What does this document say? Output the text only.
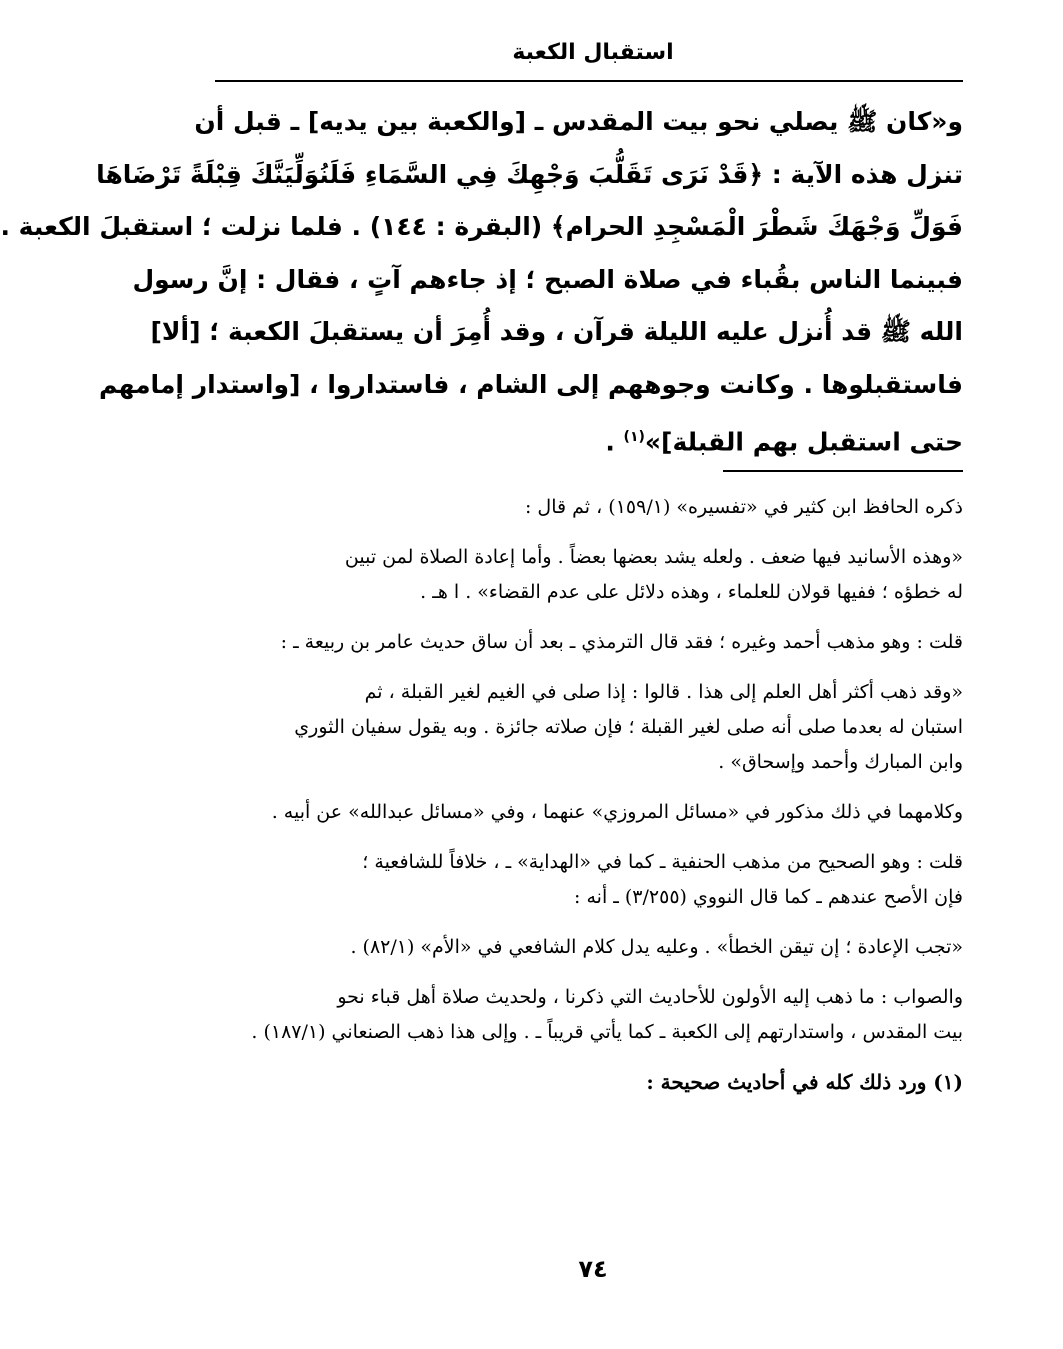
استقبال الكعبة
و«كان ﷺ يصلي نحو بيت المقدس ـ [والكعبة بين يديه] ـ قبل أن
تنزل هذه الآية : ﴿قَدْ نَرَى تَقَلُّبَ وَجْهِكَ فِي السَّمَاءِ فَلَنُوَلِّيَنَّكَ قِبْلَةً تَرْضَاهَا
فَوَلِّ وَجْهَكَ شَطْرَ الْمَسْجِدِ الحرام﴾ (البقرة : ١٤٤) . فلما نزلت ؛ استقبلَ الكعبة .
فبينما الناس بقُباء في صلاة الصبح ؛ إذ جاءهم آتٍ ، فقال : إنَّ رسول
الله ﷺ قد أُنزل عليه الليلة قرآن ، وقد أُمِرَ أن يستقبلَ الكعبة ؛ [ألا]
فاستقبلوها . وكانت وجوههم إلى الشام ، فاستداروا ، [واستدار إمامهم
حتى استقبل بهم القبلة]»$^{(١)}$ .
ذكره الحافظ ابن كثير في «تفسيره» (١٥٩/١) ، ثم قال :
«وهذه الأسانيد فيها ضعف . ولعله يشد بعضها بعضاً . وأما إعادة الصلاة لمن تبين
له خطؤه ؛ ففيها قولان للعلماء ، وهذه دلائل على عدم القضاء» . ا هـ .
قلت : وهو مذهب أحمد وغيره ؛ فقد قال الترمذي ـ بعد أن ساق حديث عامر بن ربيعة ـ :
«وقد ذهب أكثر أهل العلم إلى هذا . قالوا : إذا صلى في الغيم لغير القبلة ، ثم
استبان له بعدما صلى أنه صلى لغير القبلة ؛ فإن صلاته جائزة . وبه يقول سفيان الثوري
وابن المبارك وأحمد وإسحاق» .
وكلامهما في ذلك مذكور في «مسائل المروزي» عنهما ، وفي «مسائل عبدالله» عن أبيه .
قلت : وهو الصحيح من مذهب الحنفية ـ كما في «الهداية» ـ ، خلافاً للشافعية ؛
فإن الأصح عندهم ـ كما قال النووي (٣/٢٥٥) ـ أنه :
«تجب الإعادة ؛ إن تيقن الخطأ» . وعليه يدل كلام الشافعي في «الأم» (٨٢/١) .
والصواب : ما ذهب إليه الأولون للأحاديث التي ذكرنا ، ولحديث صلاة أهل قباء نحو
بيت المقدس ، واستدارتهم إلى الكعبة ـ كما يأتي قريباً ـ . وإلى هذا ذهب الصنعاني (١٨٧/١) .
(١) ورد ذلك كله في أحاديث صحيحة :
٧٤
